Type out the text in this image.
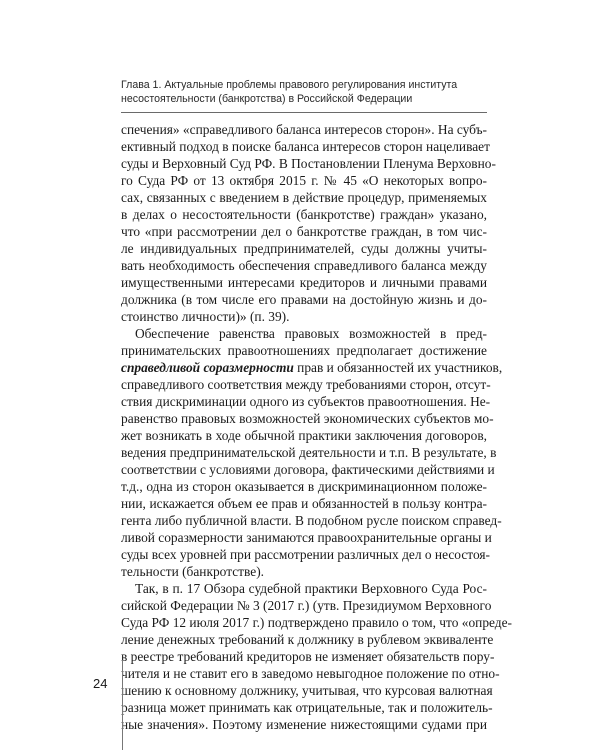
Глава 1. Актуальные проблемы правового регулирования института
несостоятельности (банкротства) в Российской Федерации
спечения» «справедливого баланса интересов сторон». На субъ-
ективный подход в поиске баланса интересов сторон нацеливает
суды и Верховный Суд РФ. В Постановлении Пленума Верховно-
го Суда РФ от 13 октября 2015 г. № 45 «О некоторых вопро-
сах, связанных с введением в действие процедур, применяемых
в делах о несостоятельности (банкротстве) граждан» указано,
что «при рассмотрении дел о банкротстве граждан, в том чис-
ле индивидуальных предпринимателей, суды должны учиты-
вать необходимость обеспечения справедливого баланса между
имущественными интересами кредиторов и личными правами
должника (в том числе его правами на достойную жизнь и до-
стоинство личности)» (п. 39).
Обеспечение равенства правовых возможностей в пред-
принимательских правоотношениях предполагает достижение
справедливой соразмерности прав и обязанностей их участников,
справедливого соответствия между требованиями сторон, отсут-
ствия дискриминации одного из субъектов правоотношения. Не-
равенство правовых возможностей экономических субъектов мо-
жет возникать в ходе обычной практики заключения договоров,
ведения предпринимательской деятельности и т.п. В результате, в
соответствии с условиями договора, фактическими действиями и
т.д., одна из сторон оказывается в дискриминационном положе-
нии, искажается объем ее прав и обязанностей в пользу контра-
гента либо публичной власти. В подобном русле поиском справед-
ливой соразмерности занимаются правоохранительные органы и
суды всех уровней при рассмотрении различных дел о несостоя-
тельности (банкротстве).
Так, в п. 17 Обзора судебной практики Верховного Суда Рос-
сийской Федерации № 3 (2017 г.) (утв. Президиумом Верховного
Суда РФ 12 июля 2017 г.) подтверждено правило о том, что «опреде-
ление денежных требований к должнику в рублевом эквиваленте
в реестре требований кредиторов не изменяет обязательств пору-
чителя и не ставит его в заведомо невыгодное положение по отно-
шению к основному должнику, учитывая, что курсовая валютная
разница может принимать как отрицательные, так и положитель-
ные значения». Поэтому изменение нижестоящими судами при
24
